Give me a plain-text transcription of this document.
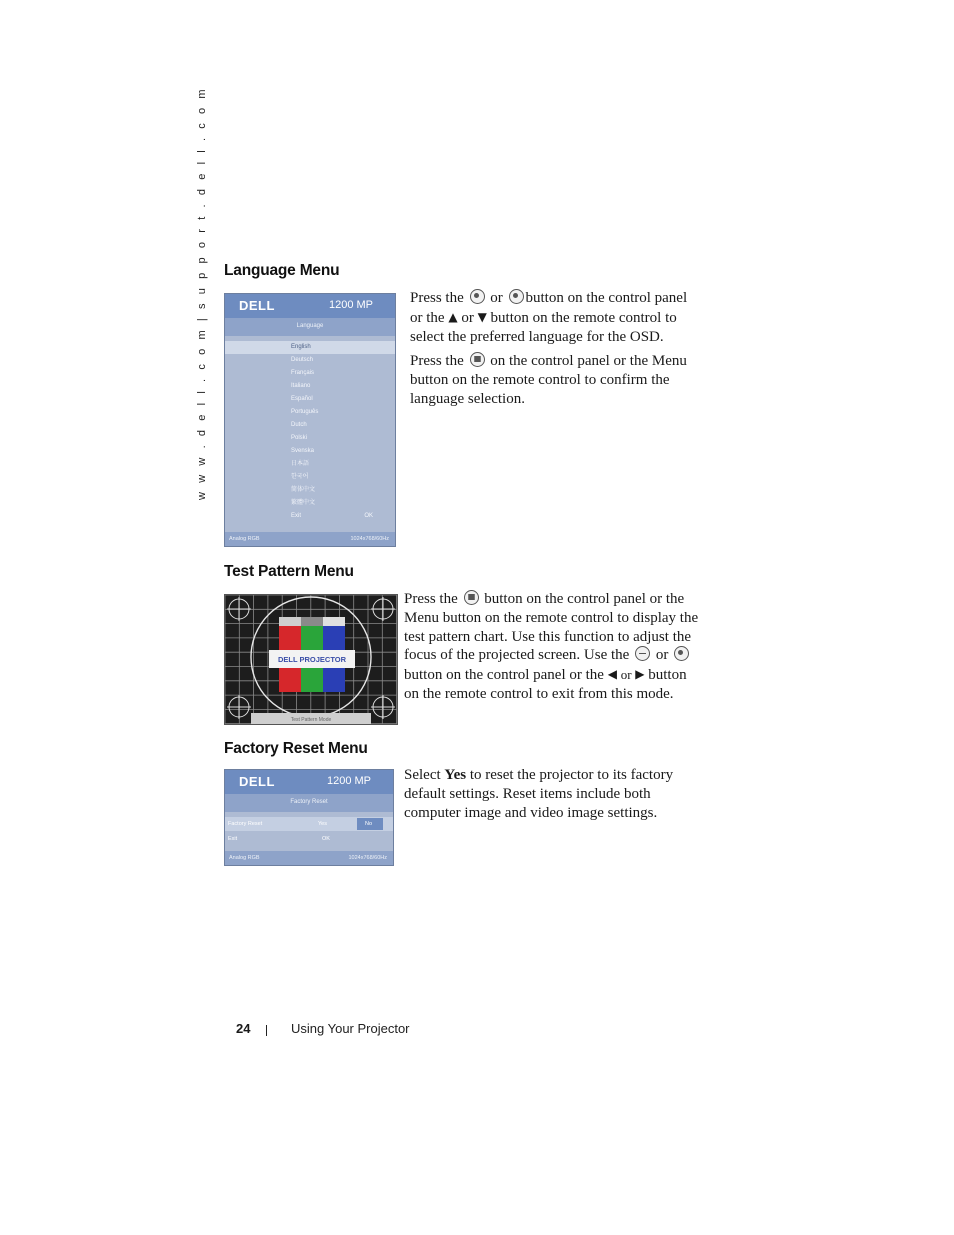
w w w . d e l l . c o m | s u p p o r t . d e l l . c o m	Language Menu
DELL	1200 MP
Language
English
Deutsch
Français
Italiano
Español
Português
Dutch
Polski
Svenska
日本語
한국어
简体中文
繁體中文
Exit	OK
Analog RGB	1024x768/60Hz

Press the or button on the control panel or the ▲ or ▼ button on the remote control to select the preferred language for the OSD.

Press the on the control panel or the Menu button on the remote control to confirm the language selection.

Test Pattern Menu
DELL PROJECTOR
Test Pattern Mode

Press the button on the control panel or the Menu button on the remote control to display the test pattern chart. Use this function to adjust the focus of the projected screen. Use the or  button on the control panel or the ◀ or ▶ button on the remote control to exit from this mode.

Factory Reset Menu
DELL	1200 MP
Factory Reset
Factory Reset	Yes	No
Exit	OK
Analog RGB	1024x768/60Hz

Select Yes to reset the projector to its factory default settings. Reset items include both computer image and video image settings.

24	Using Your Projector
